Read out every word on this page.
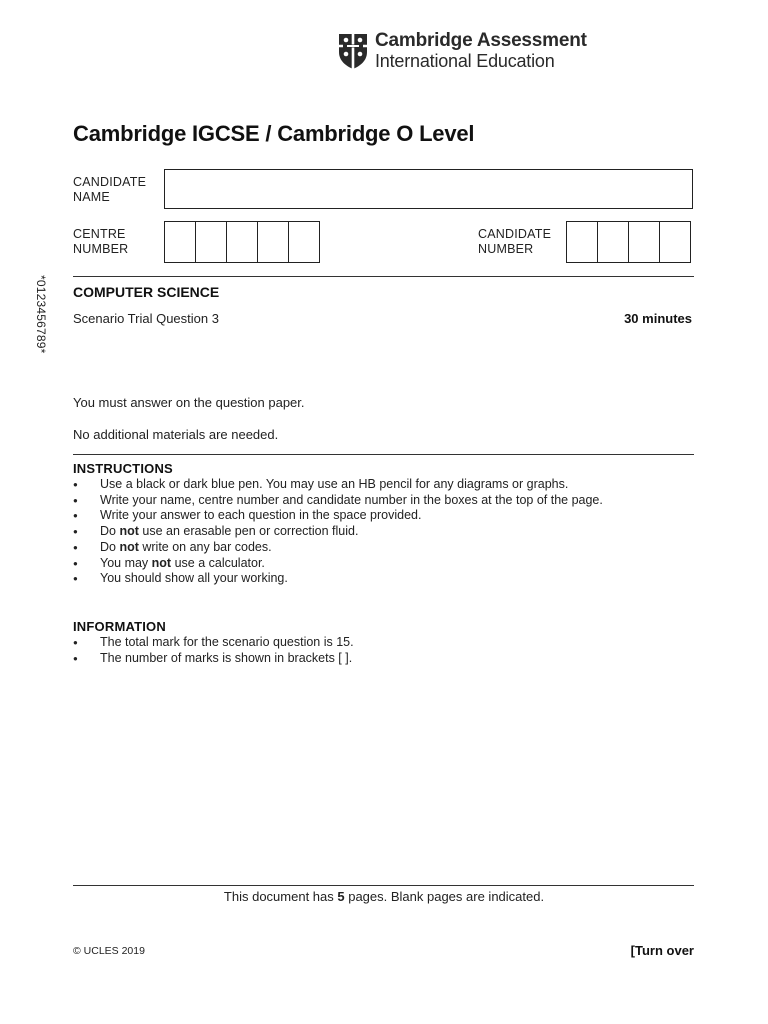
Cambridge Assessment
International Education
Cambridge IGCSE / Cambridge O Level
CANDIDATE
NAME
CENTRE
NUMBER
CANDIDATE
NUMBER
*0123456789* COMPUTER SCIENCE
Scenario Trial Question 3	30 minutes
You must answer on the question paper.
No additional materials are needed.
INSTRUCTIONS
● Use a black or dark blue pen. You may use an HB pencil for any diagrams or graphs.
● Write your name, centre number and candidate number in the boxes at the top of the page.
● Write your answer to each question in the space provided.
● Do not use an erasable pen or correction fluid.
● Do not write on any bar codes.
● You may not use a calculator.
● You should show all your working.
INFORMATION
● The total mark for the scenario question is 15.
● The number of marks is shown in brackets [ ].
This document has 5 pages. Blank pages are indicated.
© UCLES 2019	[Turn over
